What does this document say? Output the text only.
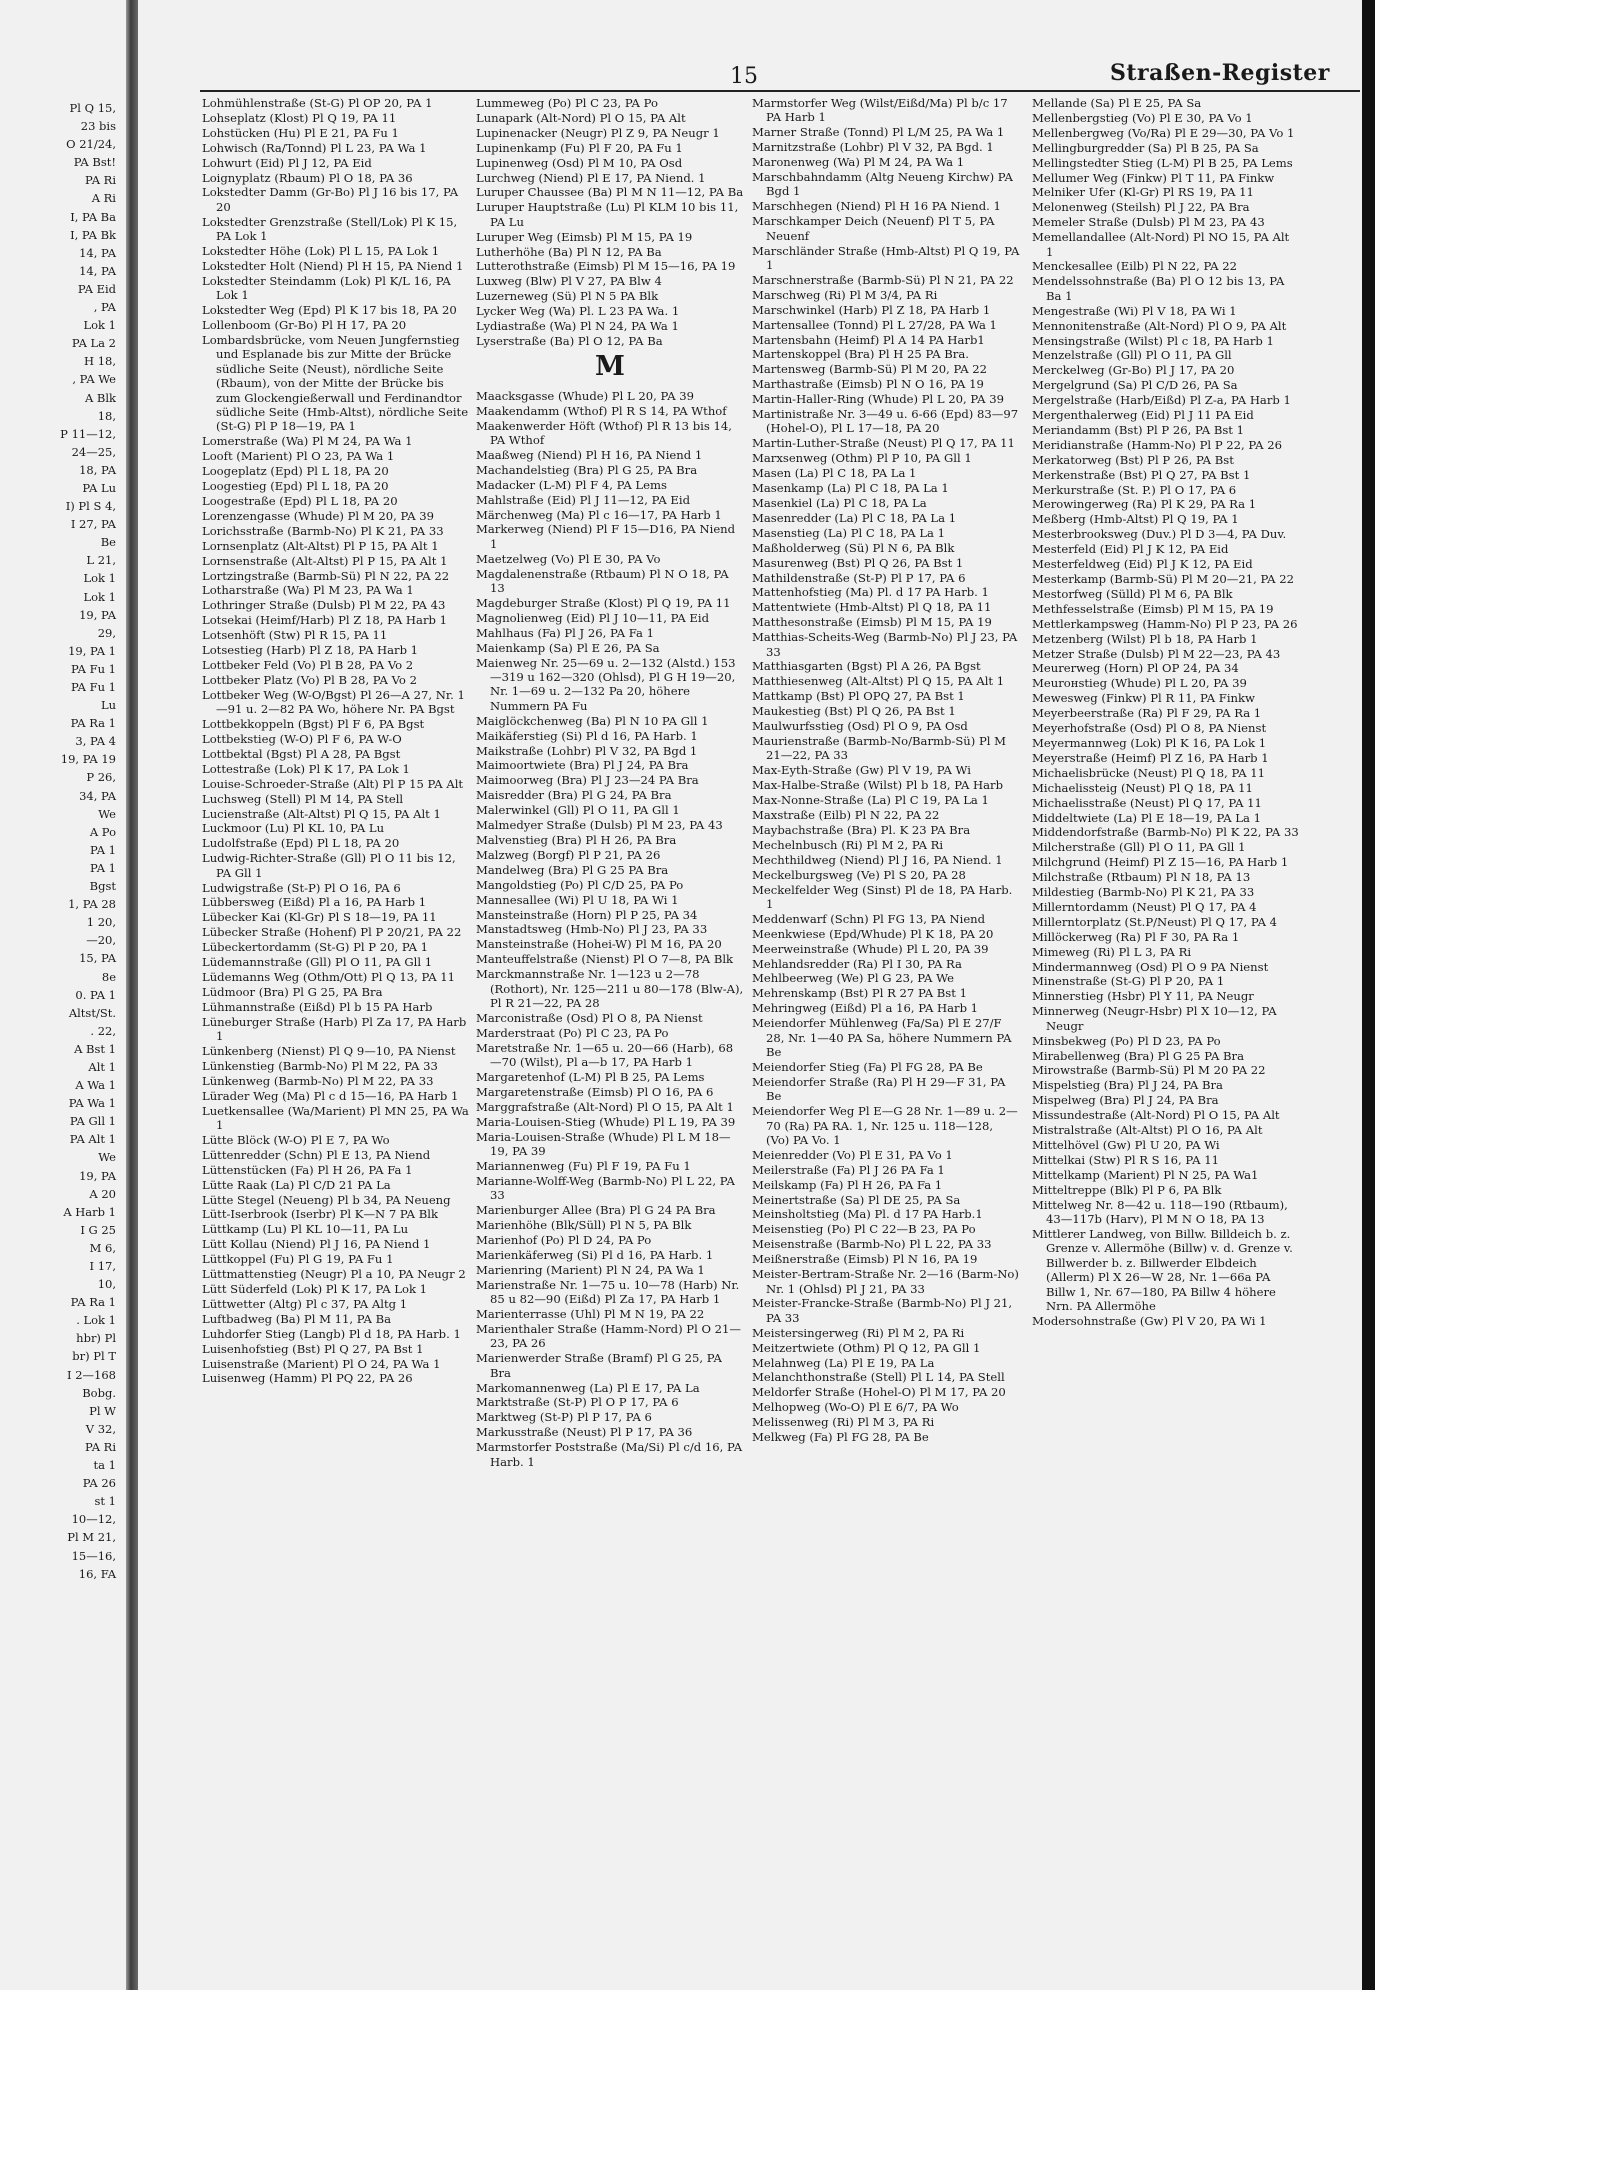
Pl Q 15,
23 bis
O 21/24,
PA Bst!
PA Ri
A Ri
I, PA Ba
I, PA Bk
14, PA
14, PA
PA Eid
, PA
Lok 1
PA La 2
H 18,
, PA We
A Blk
18,
P 11—12,
24—25,
18, PA
PA Lu
I) Pl S 4,
I 27, PA
Be
L 21,
Lok 1
Lok 1
19, PA
29,
19, PA 1
PA Fu 1
PA Fu 1
Lu
PA Ra 1
3, PA 4
19, PA 19
P 26,
34, PA
We
A Po
PA 1
PA 1
Bgst
1, PA 28
1 20,
—20,
15, PA
8e
0. PA 1
Altst/St.
. 22,
A Bst 1
Alt 1
A Wa 1
PA Wa 1
PA Gll 1
PA Alt 1
We
19, PA
A 20
A Harb 1
I G 25
M 6,
I 17,
10,
PA Ra 1
. Lok 1
hbr) Pl
br) Pl T
I 2—168
Bobg.
Pl W
V 32,
PA Ri
ta 1
PA 26
st 1
10—12,
Pl M 21,
15—16,
16, FA
15	Straßen-Register
Lohmühlenstraße (St-G) Pl OP 20, PA 1
Lohseplatz (Klost) Pl Q 19, PA 11
Lohstücken (Hu) Pl E 21, PA Fu 1
Lohwisch (Ra/Tonnd) Pl L 23, PA Wa 1
Lohwurt (Eid) Pl J 12, PA Eid
Loignyplatz (Rbaum) Pl O 18, PA 36
Lokstedter Damm (Gr-Bo) Pl J 16 bis 17, PA 20
Lokstedter Grenzstraße (Stell/Lok) Pl K 15, PA Lok 1
Lokstedter Höhe (Lok) Pl L 15, PA Lok 1
Lokstedter Holt (Niend) Pl H 15, PA Niend 1
Lokstedter Steindamm (Lok) Pl K/L 16, PA Lok 1
Lokstedter Weg (Epd) Pl K 17 bis 18, PA 20
Lollenboom (Gr-Bo) Pl H 17, PA 20
Lombardsbrücke, vom Neuen Jungfernstieg und Esplanade bis zur Mitte der Brücke südliche Seite (Neust), nördliche Seite (Rbaum), von der Mitte der Brücke bis zum Glockengießerwall und Ferdinandtor südliche Seite (Hmb-Altst), nördliche Seite (St-G) Pl P 18—19, PA 1
Lomerstraße (Wa) Pl M 24, PA Wa 1
Looft (Marient) Pl O 23, PA Wa 1
Loogeplatz (Epd) Pl L 18, PA 20
Loogestieg (Epd) Pl L 18, PA 20
Loogestraße (Epd) Pl L 18, PA 20
Lorenzengasse (Whude) Pl M 20, PA 39
Lorichsstraße (Barmb-No) Pl K 21, PA 33
Lornsenplatz (Alt-Altst) Pl P 15, PA Alt 1
Lornsenstraße (Alt-Altst) Pl P 15, PA Alt 1
Lortzingstraße (Barmb-Sü) Pl N 22, PA 22
Lotharstraße (Wa) Pl M 23, PA Wa 1
Lothringer Straße (Dulsb) Pl M 22, PA 43
Lotsekai (Heimf/Harb) Pl Z 18, PA Harb 1
Lotsenhöft (Stw) Pl R 15, PA 11
Lotsestieg (Harb) Pl Z 18, PA Harb 1
Lottbeker Feld (Vo) Pl B 28, PA Vo 2
Lottbeker Platz (Vo) Pl B 28, PA Vo 2
Lottbeker Weg (W-O/Bgst) Pl 26—A 27, Nr. 1—91 u. 2—82 PA Wo, höhere Nr. PA Bgst
Lottbekkoppeln (Bgst) Pl F 6, PA Bgst
Lottbekstieg (W-O) Pl F 6, PA W-O
Lottbektal (Bgst) Pl A 28, PA Bgst
Lottestraße (Lok) Pl K 17, PA Lok 1
Louise-Schroeder-Straße (Alt) Pl P 15 PA Alt
Luchsweg (Stell) Pl M 14, PA Stell
Lucienstraße (Alt-Altst) Pl Q 15, PA Alt 1
Luckmoor (Lu) Pl KL 10, PA Lu
Ludolfstraße (Epd) Pl L 18, PA 20
Ludwig-Richter-Straße (Gll) Pl O 11 bis 12, PA Gll 1
Ludwigstraße (St-P) Pl O 16, PA 6
Lübbersweg (Eißd) Pl a 16, PA Harb 1
Lübecker Kai (Kl-Gr) Pl S 18—19, PA 11
Lübecker Straße (Hohenf) Pl P 20/21, PA 22
Lübeckertordamm (St-G) Pl P 20, PA 1
Lüdemannstraße (Gll) Pl O 11, PA Gll 1
Lüdemanns Weg (Othm/Ott) Pl Q 13, PA 11
Lüdmoor (Bra) Pl G 25, PA Bra
Lühmannstraße (Eißd) Pl b 15 PA Harb
Lüneburger Straße (Harb) Pl Za 17, PA Harb 1
Lünkenberg (Nienst) Pl Q 9—10, PA Nienst
Lünkenstieg (Barmb-No) Pl M 22, PA 33
Lünkenweg (Barmb-No) Pl M 22, PA 33
Lürader Weg (Ma) Pl c d 15—16, PA Harb 1
Luetkensallee (Wa/Marient) Pl MN 25, PA Wa 1
Lütte Blöck (W-O) Pl E 7, PA Wo
Lüttenredder (Schn) Pl E 13, PA Niend
Lüttenstücken (Fa) Pl H 26, PA Fa 1
Lütte Raak (La) Pl C/D 21 PA La
Lütte Stegel (Neueng) Pl b 34, PA Neueng
Lütt-Iserbrook (Iserbr) Pl K—N 7 PA Blk
Lüttkamp (Lu) Pl KL 10—11, PA Lu
Lütt Kollau (Niend) Pl J 16, PA Niend 1
Lüttkoppel (Fu) Pl G 19, PA Fu 1
Lüttmattenstieg (Neugr) Pl a 10, PA Neugr 2
Lütt Süderfeld (Lok) Pl K 17, PA Lok 1
Lüttwetter (Altg) Pl c 37, PA Altg 1
Luftbadweg (Ba) Pl M 11, PA Ba
Luhdorfer Stieg (Langb) Pl d 18, PA Harb. 1
Luisenhofstieg (Bst) Pl Q 27, PA Bst 1
Luisenstraße (Marient) Pl O 24, PA Wa 1
Luisenweg (Hamm) Pl PQ 22, PA 26
Lummeweg (Po) Pl C 23, PA Po
Lunapark (Alt-Nord) Pl O 15, PA Alt
Lupinenacker (Neugr) Pl Z 9, PA Neugr 1
Lupinenkamp (Fu) Pl F 20, PA Fu 1
Lupinenweg (Osd) Pl M 10, PA Osd
Lurchweg (Niend) Pl E 17, PA Niend. 1
Luruper Chaussee (Ba) Pl M N 11—12, PA Ba
Luruper Hauptstraße (Lu) Pl KLM 10 bis 11, PA Lu
Luruper Weg (Eimsb) Pl M 15, PA 19
Lutherhöhe (Ba) Pl N 12, PA Ba
Lutterothstraße (Eimsb) Pl M 15—16, PA 19
Luxweg (Blw) Pl V 27, PA Blw 4
Luzerneweg (Sü) Pl N 5 PA Blk
Lycker Weg (Wa) Pl. L 23 PA Wa. 1
Lydiastraße (Wa) Pl N 24, PA Wa 1
Lyserstraße (Ba) Pl O 12, PA Ba
M
Maacksgasse (Whude) Pl L 20, PA 39
Maakendamm (Wthof) Pl R S 14, PA Wthof
Maakenwerder Höft (Wthof) Pl R 13 bis 14, PA Wthof
Maaßweg (Niend) Pl H 16, PA Niend 1
Machandelstieg (Bra) Pl G 25, PA Bra
Madacker (L-M) Pl F 4, PA Lems
Mahlstraße (Eid) Pl J 11—12, PA Eid
Märchenweg (Ma) Pl c 16—17, PA Harb 1
Markerweg (Niend) Pl F 15—D16, PA Niend 1
Maetzelweg (Vo) Pl E 30, PA Vo
Magdalenenstraße (Rtbaum) Pl N O 18, PA 13
Magdeburger Straße (Klost) Pl Q 19, PA 11
Magnolienweg (Eid) Pl J 10—11, PA Eid
Mahlhaus (Fa) Pl J 26, PA Fa 1
Maienkamp (Sa) Pl E 26, PA Sa
Maienweg Nr. 25—69 u. 2—132 (Alstd.) 153—319 u 162—320 (Ohlsd), Pl G H 19—20, Nr. 1—69 u. 2—132 Pa 20, höhere Nummern PA Fu
Maiglöckchenweg (Ba) Pl N 10 PA Gll 1
Maikäferstieg (Si) Pl d 16, PA Harb. 1
Maikstraße (Lohbr) Pl V 32, PA Bgd 1
Maimoortwiete (Bra) Pl J 24, PA Bra
Maimoorweg (Bra) Pl J 23—24 PA Bra
Maisredder (Bra) Pl G 24, PA Bra
Malerwinkel (Gll) Pl O 11, PA Gll 1
Malmedyer Straße (Dulsb) Pl M 23, PA 43
Malvenstieg (Bra) Pl H 26, PA Bra
Malzweg (Borgf) Pl P 21, PA 26
Mandelweg (Bra) Pl G 25 PA Bra
Mangoldstieg (Po) Pl C/D 25, PA Po
Mannesallee (Wi) Pl U 18, PA Wi 1
Mansteinstraße (Horn) Pl P 25, PA 34
Manstadtsweg (Hmb-No) Pl J 23, PA 33
Mansteinstraße (Hohei-W) Pl M 16, PA 20
Manteuffelstraße (Nienst) Pl O 7—8, PA Blk
Marckmannstraße Nr. 1—123 u 2—78 (Rothort), Nr. 125—211 u 80—178 (Blw-A), Pl R 21—22, PA 28
Marconistraße (Osd) Pl O 8, PA Nienst
Marderstraat (Po) Pl C 23, PA Po
Maretstraße Nr. 1—65 u. 20—66 (Harb), 68—70 (Wilst), Pl a—b 17, PA Harb 1
Margaretenhof (L-M) Pl B 25, PA Lems
Margaretenstraße (Eimsb) Pl O 16, PA 6
Marggrafstraße (Alt-Nord) Pl O 15, PA Alt 1
Maria-Louisen-Stieg (Whude) Pl L 19, PA 39
Maria-Louisen-Straße (Whude) Pl L M 18—19, PA 39
Mariannenweg (Fu) Pl F 19, PA Fu 1
Marianne-Wolff-Weg (Barmb-No) Pl L 22, PA 33
Marienburger Allee (Bra) Pl G 24 PA Bra
Marienhöhe (Blk/Süll) Pl N 5, PA Blk
Marienhof (Po) Pl D 24, PA Po
Marienkäferweg (Si) Pl d 16, PA Harb. 1
Marienring (Marient) Pl N 24, PA Wa 1
Marienstraße Nr. 1—75 u. 10—78 (Harb) Nr. 85 u 82—90 (Eißd) Pl Za 17, PA Harb 1
Marienterrasse (Uhl) Pl M N 19, PA 22
Marienthaler Straße (Hamm-Nord) Pl O 21—23, PA 26
Marienwerder Straße (Bramf) Pl G 25, PA Bra
Markomannenweg (La) Pl E 17, PA La
Marktstraße (St-P) Pl O P 17, PA 6
Marktweg (St-P) Pl P 17, PA 6
Markusstraße (Neust) Pl P 17, PA 36
Marmstorfer Poststraße (Ma/Si) Pl c/d 16, PA Harb. 1
Marmstorfer Weg (Wilst/Eißd/Ma) Pl b/c 17 PA Harb 1
Marner Straße (Tonnd) Pl L/M 25, PA Wa 1
Marnitzstraße (Lohbr) Pl V 32, PA Bgd. 1
Maronenweg (Wa) Pl M 24, PA Wa 1
Marschbahndamm (Altg Neueng Kirchw) PA Bgd 1
Marschhegen (Niend) Pl H 16 PA Niend. 1
Marschkamper Deich (Neuenf) Pl T 5, PA Neuenf
Marschländer Straße (Hmb-Altst) Pl Q 19, PA 1
Marschnerstraße (Barmb-Sü) Pl N 21, PA 22
Marschweg (Ri) Pl M 3/4, PA Ri
Marschwinkel (Harb) Pl Z 18, PA Harb 1
Martensallee (Tonnd) Pl L 27/28, PA Wa 1
Martensbahn (Heimf) Pl A 14 PA Harb1
Martenskoppel (Bra) Pl H 25 PA Bra.
Martensweg (Barmb-Sü) Pl M 20, PA 22
Marthastraße (Eimsb) Pl N O 16, PA 19
Martin-Haller-Ring (Whude) Pl L 20, PA 39
Martinistraße Nr. 3—49 u. 6-66 (Epd) 83—97 (Hohel-O), Pl L 17—18, PA 20
Martin-Luther-Straße (Neust) Pl Q 17, PA 11
Marxsenweg (Othm) Pl P 10, PA Gll 1
Masen (La) Pl C 18, PA La 1
Masenkamp (La) Pl C 18, PA La 1
Masenkiel (La) Pl C 18, PA La
Masenredder (La) Pl C 18, PA La 1
Masenstieg (La) Pl C 18, PA La 1
Maßholderweg (Sü) Pl N 6, PA Blk
Masurenweg (Bst) Pl Q 26, PA Bst 1
Mathildenstraße (St-P) Pl P 17, PA 6
Mattenhofstieg (Ma) Pl. d 17 PA Harb. 1
Mattentwiete (Hmb-Altst) Pl Q 18, PA 11
Matthesonstraße (Eimsb) Pl M 15, PA 19
Matthias-Scheits-Weg (Barmb-No) Pl J 23, PA 33
Matthiasgarten (Bgst) Pl A 26, PA Bgst
Matthiesenweg (Alt-Altst) Pl Q 15, PA Alt 1
Mattkamp (Bst) Pl OPQ 27, PA Bst 1
Maukestieg (Bst) Pl Q 26, PA Bst 1
Maulwurfsstieg (Osd) Pl O 9, PA Osd
Maurienstraße (Barmb-No/Barmb-Sü) Pl M 21—22, PA 33
Max-Eyth-Straße (Gw) Pl V 19, PA Wi
Max-Halbe-Straße (Wilst) Pl b 18, PA Harb
Max-Nonne-Straße (La) Pl C 19, PA La 1
Maxstraße (Eilb) Pl N 22, PA 22
Maybachstraße (Bra) Pl. K 23 PA Bra
Mechelnbusch (Ri) Pl M 2, PA Ri
Mechthildweg (Niend) Pl J 16, PA Niend. 1
Meckelburgsweg (Ve) Pl S 20, PA 28
Meckelfelder Weg (Sinst) Pl de 18, PA Harb. 1
Meddenwarf (Schn) Pl FG 13, PA Niend
Meenkwiese (Epd/Whude) Pl K 18, PA 20
Meerweinstraße (Whude) Pl L 20, PA 39
Mehlandsredder (Ra) Pl I 30, PA Ra
Mehlbeerweg (We) Pl G 23, PA We
Mehrenskamp (Bst) Pl R 27 PA Bst 1
Mehringweg (Eißd) Pl a 16, PA Harb 1
Meiendorfer Mühlenweg (Fa/Sa) Pl E 27/F 28, Nr. 1—40 PA Sa, höhere Nummern PA Be
Meiendorfer Stieg (Fa) Pl FG 28, PA Be
Meiendorfer Straße (Ra) Pl H 29—F 31, PA Be
Meiendorfer Weg Pl E—G 28 Nr. 1—89 u. 2—70 (Ra) PA RA. 1, Nr. 125 u. 118—128, (Vo) PA Vo. 1
Meienredder (Vo) Pl E 31, PA Vo 1
Meilerstraße (Fa) Pl J 26 PA Fa 1
Meilskamp (Fa) Pl H 26, PA Fa 1
Meinertstraße (Sa) Pl DE 25, PA Sa
Meinsholtstieg (Ma) Pl. d 17 PA Harb.1
Meisenstieg (Po) Pl C 22—B 23, PA Po
Meisenstraße (Barmb-No) Pl L 22, PA 33
Meißnerstraße (Eimsb) Pl N 16, PA 19
Meister-Bertram-Straße Nr. 2—16 (Barm-No) Nr. 1 (Ohlsd) Pl J 21, PA 33
Meister-Francke-Straße (Barmb-No) Pl J 21, PA 33
Meistersingerweg (Ri) Pl M 2, PA Ri
Meitzertwiete (Othm) Pl Q 12, PA Gll 1
Melahnweg (La) Pl E 19, PA La
Melanchthonstraße (Stell) Pl L 14, PA Stell
Meldorfer Straße (Hohel-O) Pl M 17, PA 20
Melhopweg (Wo-O) Pl E 6/7, PA Wo
Melissenweg (Ri) Pl M 3, PA Ri
Melkweg (Fa) Pl FG 28, PA Be
Mellande (Sa) Pl E 25, PA Sa
Mellenbergstieg (Vo) Pl E 30, PA Vo 1
Mellenbergweg (Vo/Ra) Pl E 29—30, PA Vo 1
Mellingburgredder (Sa) Pl B 25, PA Sa
Mellingstedter Stieg (L-M) Pl B 25, PA Lems
Mellumer Weg (Finkw) Pl T 11, PA Finkw
Melniker Ufer (Kl-Gr) Pl RS 19, PA 11
Melonenweg (Steilsh) Pl J 22, PA Bra
Memeler Straße (Dulsb) Pl M 23, PA 43
Memellandallee (Alt-Nord) Pl NO 15, PA Alt 1
Menckesallee (Eilb) Pl N 22, PA 22
Mendelssohnstraße (Ba) Pl O 12 bis 13, PA Ba 1
Mengestraße (Wi) Pl V 18, PA Wi 1
Mennonitenstraße (Alt-Nord) Pl O 9, PA Alt
Mensingstraße (Wilst) Pl c 18, PA Harb 1
Menzelstraße (Gll) Pl O 11, PA Gll
Merckelweg (Gr-Bo) Pl J 17, PA 20
Mergelgrund (Sa) Pl C/D 26, PA Sa
Mergelstraße (Harb/Eißd) Pl Z-a, PA Harb 1
Mergenthalerweg (Eid) Pl J 11 PA Eid
Meriandamm (Bst) Pl P 26, PA Bst 1
Meridianstraße (Hamm-No) Pl P 22, PA 26
Merkatorweg (Bst) Pl P 26, PA Bst
Merkenstraße (Bst) Pl Q 27, PA Bst 1
Merkurstraße (St. P.) Pl O 17, PA 6
Merowingerweg (Ra) Pl K 29, PA Ra 1
Meßberg (Hmb-Altst) Pl Q 19, PA 1
Mesterbrooksweg (Duv.) Pl D 3—4, PA Duv.
Mesterfeld (Eid) Pl J K 12, PA Eid
Mesterfeldweg (Eid) Pl J K 12, PA Eid
Mesterkamp (Barmb-Sü) Pl M 20—21, PA 22
Mestorfweg (Sülld) Pl M 6, PA Blk
Methfesselstraße (Eimsb) Pl M 15, PA 19
Mettlerkampsweg (Hamm-No) Pl P 23, PA 26
Metzenberg (Wilst) Pl b 18, PA Harb 1
Metzer Straße (Dulsb) Pl M 22—23, PA 43
Meurerweg (Horn) Pl OP 24, PA 34
Meurонstieg (Whude) Pl L 20, PA 39
Mewesweg (Finkw) Pl R 11, PA Finkw
Meyerbeerstraße (Ra) Pl F 29, PA Ra 1
Meyerhofstraße (Osd) Pl O 8, PA Nienst
Meyermannweg (Lok) Pl K 16, PA Lok 1
Meyerstraße (Heimf) Pl Z 16, PA Harb 1
Michaelisbrücke (Neust) Pl Q 18, PA 11
Michaelissteig (Neust) Pl Q 18, PA 11
Michaelisstraße (Neust) Pl Q 17, PA 11
Middeltwiete (La) Pl E 18—19, PA La 1
Middendorfstraße (Barmb-No) Pl K 22, PA 33
Milcherstraße (Gll) Pl O 11, PA Gll 1
Milchgrund (Heimf) Pl Z 15—16, PA Harb 1
Milchstraße (Rtbaum) Pl N 18, PA 13
Mildestieg (Barmb-No) Pl K 21, PA 33
Millerntordamm (Neust) Pl Q 17, PA 4
Millerntorplatz (St.P/Neust) Pl Q 17, PA 4
Millöckerweg (Ra) Pl F 30, PA Ra 1
Mimeweg (Ri) Pl L 3, PA Ri
Mindermannweg (Osd) Pl O 9 PA Nienst
Minenstraße (St-G) Pl P 20, PA 1
Minnerstieg (Hsbr) Pl Y 11, PA Neugr
Minnerweg (Neugr-Hsbr) Pl X 10—12, PA Neugr
Minsbekweg (Po) Pl D 23, PA Po
Mirabellenweg (Bra) Pl G 25 PA Bra
Mirowstraße (Barmb-Sü) Pl M 20 PA 22
Mispelstieg (Bra) Pl J 24, PA Bra
Mispelweg (Bra) Pl J 24, PA Bra
Missundestraße (Alt-Nord) Pl O 15, PA Alt
Mistralstraße (Alt-Altst) Pl O 16, PA Alt
Mittelhövel (Gw) Pl U 20, PA Wi
Mittelkai (Stw) Pl R S 16, PA 11
Mittelkamp (Marient) Pl N 25, PA Wa1
Mitteltreppe (Blk) Pl P 6, PA Blk
Mittelweg Nr. 8—42 u. 118—190 (Rtbaum), 43—117b (Harv), Pl M N O 18, PA 13
Mittlerer Landweg, von Billw. Billdeich b. z. Grenze v. Allermöhe (Billw) v. d. Grenze v. Billwerder b. z. Billwerder Elbdeich (Allerm) Pl X 26—W 28, Nr. 1—66a PA Billw 1, Nr. 67—180, PA Billw 4 höhere Nrn. PA Allermöhe
Modersohnstraße (Gw) Pl V 20, PA Wi 1
